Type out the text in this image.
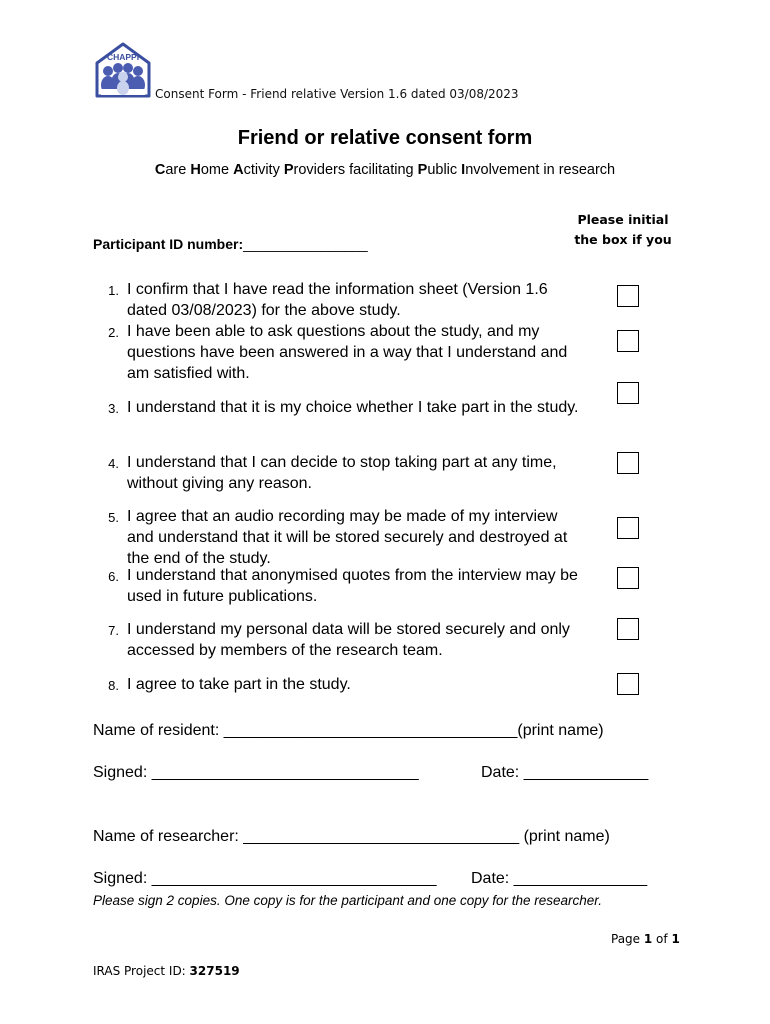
CHAPPI
Consent Form - Friend relative Version 1.6 dated 03/08/2023
Friend or relative consent form
Care Home Activity Providers facilitating Public Involvement in research
Please initial
the box if you
Participant ID number:________________
1. I confirm that I have read the information sheet (Version 1.6 dated 03/08/2023) for the above study.
2. I have been able to ask questions about the study, and my questions have been answered in a way that I understand and am satisfied with.
3. I understand that it is my choice whether I take part in the study.
4. I understand that I can decide to stop taking part at any time, without giving any reason.
5. I agree that an audio recording may be made of my interview and understand that it will be stored securely and destroyed at the end of the study.
6. I understand that anonymised quotes from the interview may be used in future publications.
7. I understand my personal data will be stored securely and only accessed by members of the research team.
8. I agree to take part in the study.
Name of resident: _________________________________(print name)
Signed: ______________________________	Date: ______________
Name of researcher: _______________________________ (print name)
Signed: ________________________________ Date: _______________
Please sign 2 copies. One copy is for the participant and one copy for the researcher.
Page 1 of 1
IRAS Project ID: 327519
